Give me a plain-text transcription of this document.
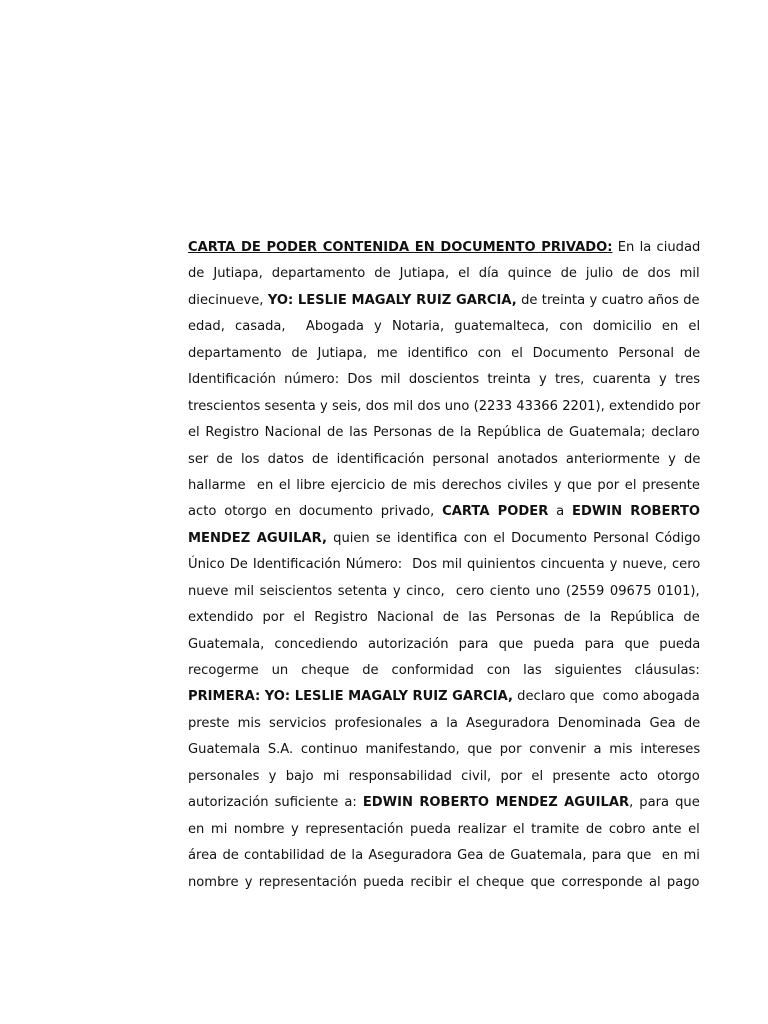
CARTA DE PODER CONTENIDA EN DOCUMENTO PRIVADO: En la ciudad
de Jutiapa, departamento de Jutiapa, el día quince de julio de dos mil
diecinueve, YO: LESLIE MAGALY RUIZ GARCIA, de treinta y cuatro años de
edad, casada,  Abogada y Notaria, guatemalteca, con domicilio en el
departamento de Jutiapa, me identifico con el Documento Personal de
Identificación número: Dos mil doscientos treinta y tres, cuarenta y tres
trescientos sesenta y seis, dos mil dos uno (2233 43366 2201), extendido por
el Registro Nacional de las Personas de la República de Guatemala; declaro
ser de los datos de identificación personal anotados anteriormente y de
hallarme  en el libre ejercicio de mis derechos civiles y que por el presente
acto otorgo en documento privado, CARTA PODER a EDWIN ROBERTO
MENDEZ AGUILAR, quien se identifica con el Documento Personal Código
Único De Identificación Número:  Dos mil quinientos cincuenta y nueve, cero
nueve mil seiscientos setenta y cinco,  cero ciento uno (2559 09675 0101),
extendido por el Registro Nacional de las Personas de la República de
Guatemala, concediendo autorización para que pueda para que pueda
recogerme un cheque de conformidad con las siguientes cláusulas:
PRIMERA: YO: LESLIE MAGALY RUIZ GARCIA, declaro que  como abogada
preste mis servicios profesionales a la Aseguradora Denominada Gea de
Guatemala S.A. continuo manifestando, que por convenir a mis intereses
personales y bajo mi responsabilidad civil, por el presente acto otorgo
autorización suficiente a: EDWIN ROBERTO MENDEZ AGUILAR, para que
en mi nombre y representación pueda realizar el tramite de cobro ante el
área de contabilidad de la Aseguradora Gea de Guatemala, para que  en mi
nombre y representación pueda recibir el cheque que corresponde al pago
